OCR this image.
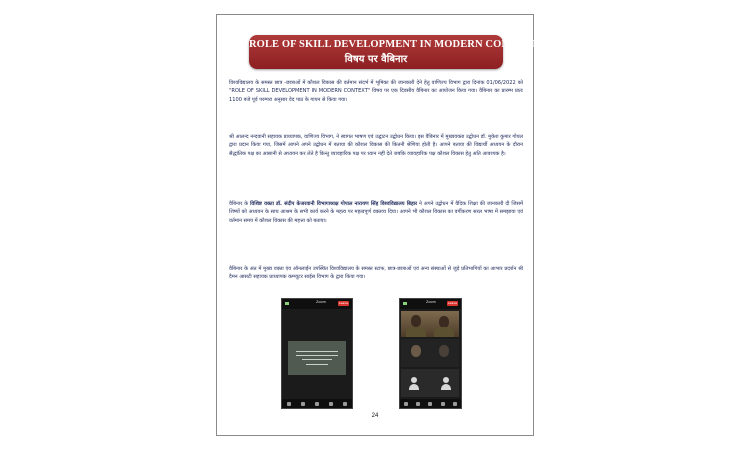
ROLE OF SKILL DEVELOPMENT IN MODERN CONTEXT
विषय पर वैबिनार

विश्वविद्यालय के समस्त छात्र -छात्राओं में कौशल विकास की वर्तमान संदर्भ में भूमिका की जानकारी देने हेतु वाणिज्य विभाग द्वारा दिनांक 01/06/2022 को "ROLE OF SKILL DEVELOPMENT IN MODERN CONTEXT" विषय पर एक दिवसीय वैबिनार का आयोजन किया गया। वैबिनार का प्रारम्भ प्रातः 1100 बजे पूर्व परम्परा अनुसार वेद पाठ के गायन से किया गया।

श्री आलन्द नन्दवानी सहायक प्राध्यापक, वाणिज्य विभाग, ने स्वागत भाषण एवं उद्घाटन उद्बोधन किया। इस वैबिनार में मुख्यवक्ता उद्बोधन डॉ. मुकेश कुमार गोयल द्वारा प्रदान किया गया, जिसमें आपने अपने उद्बोधन में बताया की कौशल विकास की कितनी श्रेणिया होती है। आपने बताया की विद्यार्थी अध्ययन के दौरान सैद्धांतिक पक्ष का आसानी से अध्ययन कर लेते है किन्तु व्यावहारिक पक्ष पर ध्यान नहीं देते जबकि व्यावहारिक पक्ष कौशल विकास हेतु अति आवश्यक है।

वैबिनार के विशिष्ट वक्ता डॉ. संदीप केजरवानी विभागाध्यक्ष गोपाल नारायण सिंह विश्वविद्यालय बिहार ने अपने उद्बोधन में वैदिक शिक्षा की जानकारी दी जिसमें शिष्यों को अध्ययन के साथ आश्रम के सभी कार्य करने के महत्व पर महत्वपूर्ण वक्तव्य दिया। आपने भी कौशल विकास का वर्गीकरण सरल भाषा में समझाया एवं वर्तमान समय में कौशल विकास की महत्ता को बताया।

वैबिनार के अंत में मुख्य वक्ता एंव ऑनलाईन उपस्थित विश्वविद्यालय के समस्त स्टाफ, छात्र-छात्राओं एवं अन्य संस्थाओं से जुड़े प्रतिभागियों का आभार प्रदर्शन श्री दैमन आसटी सहायक प्राध्यापक कम्प्यूटर साईस विभाग के द्वारा किया गया।

Zoom	Leave	Zoom	Leave
24
